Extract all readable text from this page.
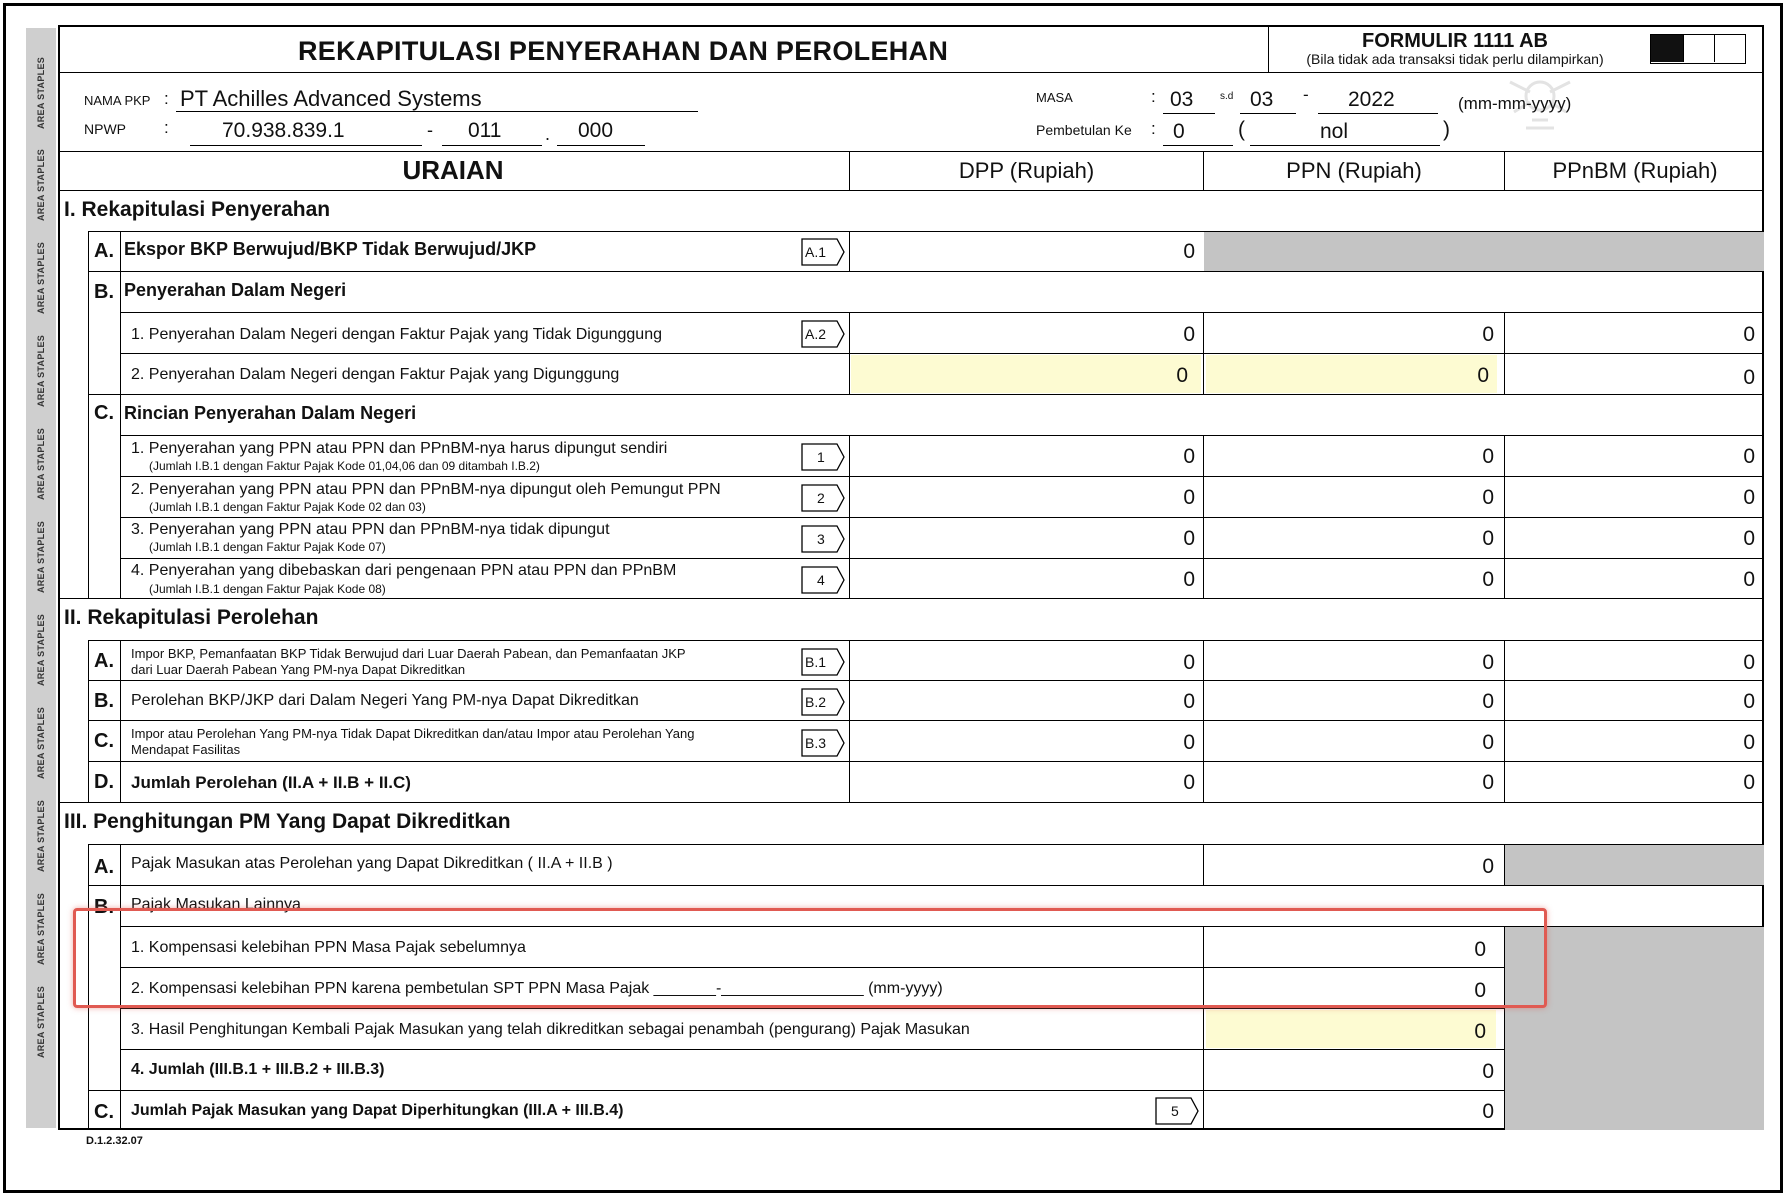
AREA STAPLES
AREA STAPLES
AREA STAPLES
AREA STAPLES
AREA STAPLES
AREA STAPLES
AREA STAPLES
AREA STAPLES
AREA STAPLES
AREA STAPLES
AREA STAPLES
REKAPITULASI PENYERAHAN DAN PEROLEHAN	FORMULIR 1111 AB
(Bila tidak ada transaksi tidak perlu dilampirkan)
NAMA PKP : PT Achilles Advanced Systems
NPWP :	70.938.839.1	- 011 . 000
MASA	: 03	s.d 03 - 2022	(mm-mm-yyyy)
Pembetulan Ke : 0	(	nol	)
URAIAN	DPP (Rupiah)	PPN (Rupiah)	PPnBM (Rupiah)
I. Rekapitulasi Penyerahan
A. Ekspor BKP Berwujud/BKP Tidak Berwujud/JKP	0
A.1
B. Penyerahan Dalam Negeri
1. Penyerahan Dalam Negeri dengan Faktur Pajak yang Tidak Digunggung	A.2	0	0	0
2. Penyerahan Dalam Negeri dengan Faktur Pajak yang Digunggung	0	0	0
C. Rincian Penyerahan Dalam Negeri
1. Penyerahan yang PPN atau PPN dan PPnBM-nya harus dipungut sendiri
(Jumlah I.B.1 dengan Faktur Pajak Kode 01,04,06 dan 09 ditambah I.B.2)
1	0	0	0
2. Penyerahan yang PPN atau PPN dan PPnBM-nya dipungut oleh Pemungut PPN
(Jumlah I.B.1 dengan Faktur Pajak Kode 02 dan 03)
2	0	0	0
3. Penyerahan yang PPN atau PPN dan PPnBM-nya tidak dipungut
(Jumlah I.B.1 dengan Faktur Pajak Kode 07)	3	0	0	0
4. Penyerahan yang dibebaskan dari pengenaan PPN atau PPN dan PPnBM
(Jumlah I.B.1 dengan Faktur Pajak Kode 08)
4	0	0	0
II. Rekapitulasi Perolehan
A.	Impor BKP, Pemanfaatan BKP Tidak Berwujud dari Luar Daerah Pabean, dan Pemanfaatan JKP
dari Luar Daerah Pabean Yang PM-nya Dapat Dikreditkan	B.1	0	0	0
B.	Perolehan BKP/JKP dari Dalam Negeri Yang PM-nya Dapat Dikreditkan	B.2	0	0	0
C.	Impor atau Perolehan Yang PM-nya Tidak Dapat Dikreditkan dan/atau Impor atau Perolehan Yang
Mendapat Fasilitas	B.3	0	0	0
D. Jumlah Perolehan (II.A + II.B + II.C)	0	0	0
III. Penghitungan PM Yang Dapat Dikreditkan
A.	Pajak Masukan atas Perolehan yang Dapat Dikreditkan ( II.A + II.B )	0
B.	Pajak Masukan Lainnya
1. Kompensasi kelebihan PPN Masa Pajak sebelumnya	0
2. Kompensasi kelebihan PPN karena pembetulan SPT PPN Masa Pajak _______-________________ (mm-yyyy)	0
3. Hasil Penghitungan Kembali Pajak Masukan yang telah dikreditkan sebagai penambah (pengurang) Pajak Masukan	0
4. Jumlah (III.B.1 + III.B.2 + III.B.3)	0
C.	Jumlah Pajak Masukan yang Dapat Diperhitungkan (III.A + III.B.4)	5	0
D.1.2.32.07
